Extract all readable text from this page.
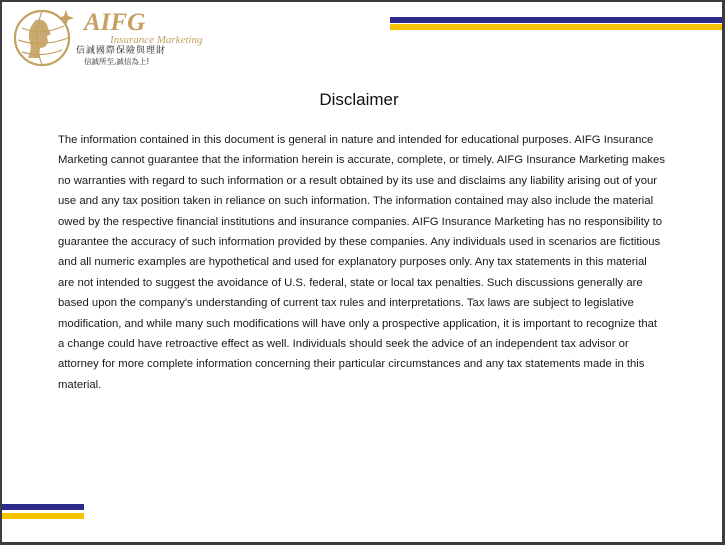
AIFG
Insurance Marketing
信誠國際保險與理財
信誠所至,誠信為上!
Disclaimer
The information contained in this document is general in nature and intended for educational purposes. AIFG Insurance Marketing cannot guarantee that the information herein is accurate, complete, or timely. AIFG Insurance Marketing makes no warranties with regard to such information or a result obtained by its use and disclaims any liability arising out of your use and any tax position taken in reliance on such information. The information contained may also include the material owed by the respective financial institutions and insurance companies. AIFG Insurance Marketing has no responsibility to guarantee the accuracy of such information provided by these companies. Any individuals used in scenarios are fictitious and all numeric examples are hypothetical and used for explanatory purposes only. Any tax statements in this material are not intended to suggest the avoidance of U.S. federal, state or local tax penalties. Such discussions generally are based upon the company's understanding of current tax rules and interpretations. Tax laws are subject to legislative modification, and while many such modifications will have only a prospective application, it is important to recognize that a change could have retroactive effect as well. Individuals should seek the advice of an independent tax advisor or attorney for more complete information concerning their particular circumstances and any tax statements made in this material.
